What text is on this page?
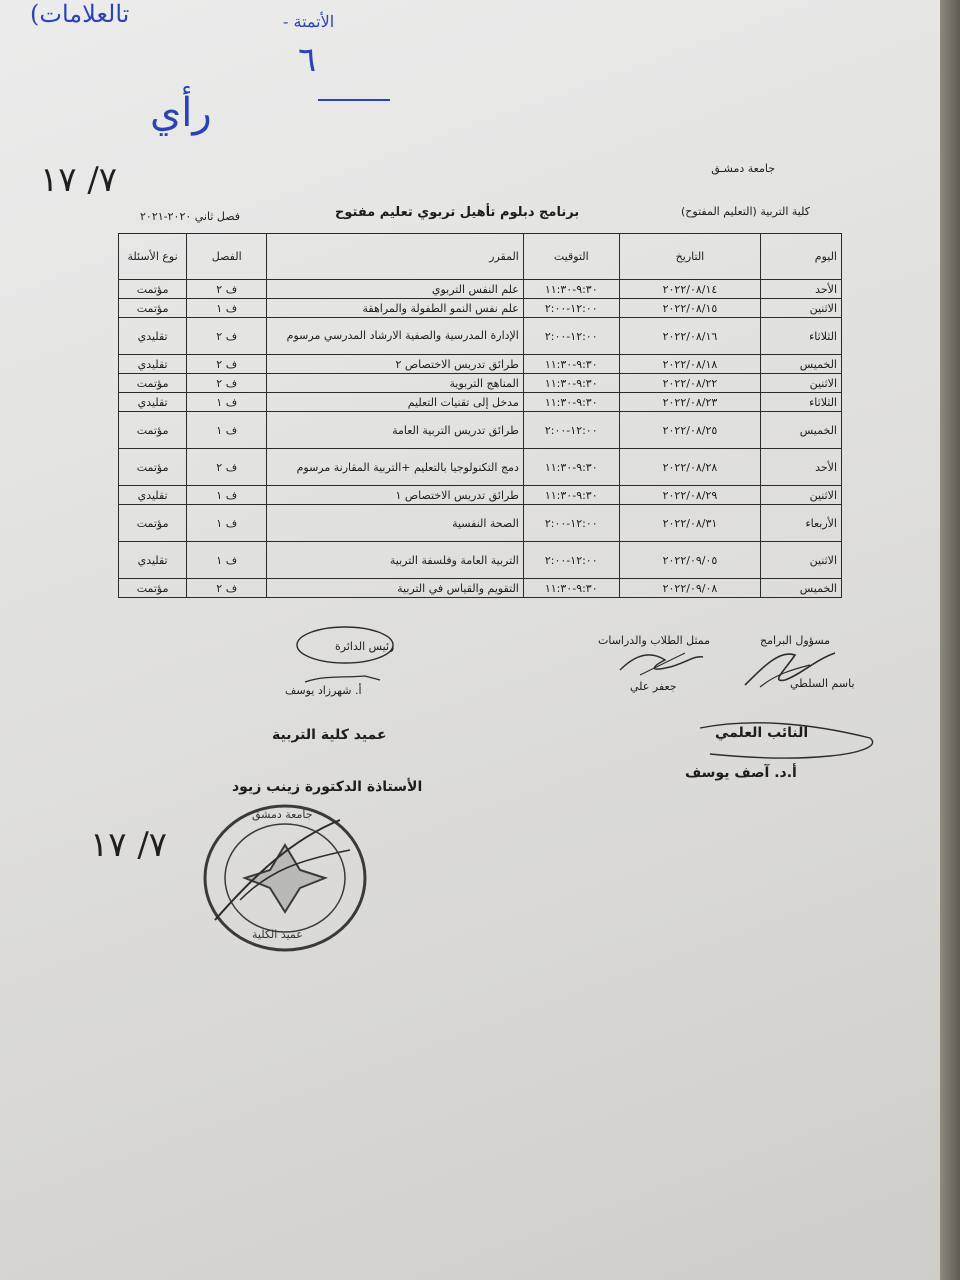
(تالعلامات	- الأتمتة
٦
رأي
٧/ ١٧	جامعة دمشـق
كلية التربية (التعليم المفتوح)
برنامج دبلوم تأهيل تربوي تعليم مفتوح
فصل ثاني ٢٠٢٠-٢٠٢١
اليوم	التاريخ	التوقيت	المقرر	الفصل	نوع الأسئلة
الأحد	٢٠٢٢/٠٨/١٤	٩:٣٠-١١:٣٠	علم النفس التربوي	ف ٢	مؤتمت
الاثنين	٢٠٢٢/٠٨/١٥	١٢:٠٠-٢:٠٠	علم نفس النمو الطفولة والمراهقة	ف ١	مؤتمت
الثلاثاء	٢٠٢٢/٠٨/١٦	١٢:٠٠-٢:٠٠	الإدارة المدرسية والصفية الارشاد المدرسي مرسوم	ف ٢	تقليدي
الخميس	٢٠٢٢/٠٨/١٨	٩:٣٠-١١:٣٠	طرائق تدريس الاختصاص ٢	ف ٢	تقليدي
الاثنين	٢٠٢٢/٠٨/٢٢	٩:٣٠-١١:٣٠	المناهج التربوية	ف ٢	مؤتمت
الثلاثاء	٢٠٢٢/٠٨/٢٣	٩:٣٠-١١:٣٠	مدخل إلى تقنيات التعليم	ف ١	تقليدي
الخميس	٢٠٢٢/٠٨/٢٥	١٢:٠٠-٢:٠٠	طرائق تدريس التربية العامة	ف ١	مؤتمت
الأحد	٢٠٢٢/٠٨/٢٨	٩:٣٠-١١:٣٠	دمج التكنولوجيا بالتعليم +التربية المقارنة مرسوم	ف ٢	مؤتمت
الاثنين	٢٠٢٢/٠٨/٢٩	٩:٣٠-١١:٣٠	طرائق تدريس الاختصاص ١	ف ١	تقليدي
الأربعاء	٢٠٢٢/٠٨/٣١	١٢:٠٠-٢:٠٠	الصحة النفسية	ف ١	مؤتمت
الاثنين	٢٠٢٢/٠٩/٠٥	١٢:٠٠-٢:٠٠	التربية العامة وفلسفة التربية	ف ١	تقليدي
الخميس	٢٠٢٢/٠٩/٠٨	٩:٣٠-١١:٣٠	التقويم والقياس في التربية	ف ٢	مؤتمت
مسؤول البرامج
باسم السلطي
ممثل الطلاب والدراسات
جعفر علي
رئيس الدائرة
أ. شهرزاد يوسف
النائب العلمي
أ.د. آصف يوسف
عميد كلية التربية
الأستاذة الدكتورة زينب زيود
٧/ ١٧
جامعة دمشق
عميد الكلية
